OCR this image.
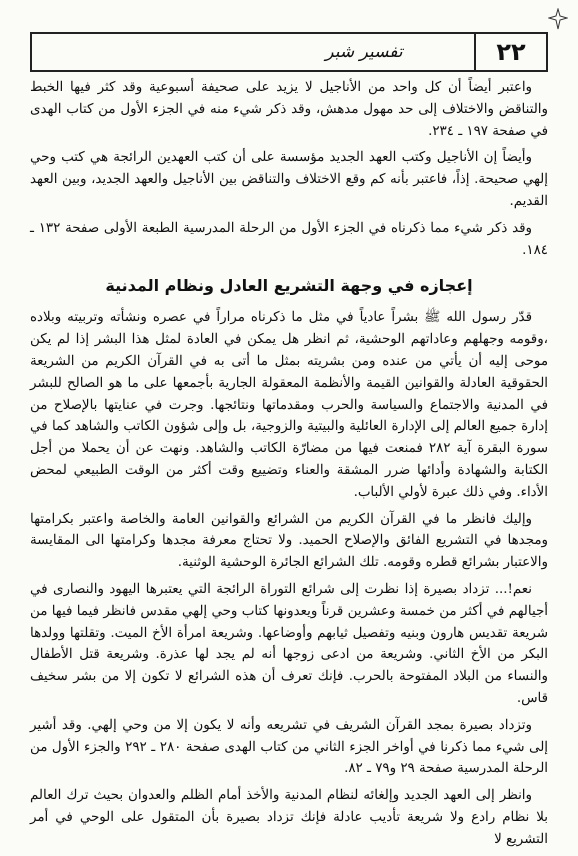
تفسير شبر	٢٢

واعتبر أيضاً أن كل واحد من الأناجيل لا يزيد على صحيفة أسبوعية وقد كثر فيها الخبط والتناقض والاختلاف إلى حد مهول مدهش، وقد ذكر شيء منه في الجزء الأول من كتاب الهدى في صفحة ١٩٧ ـ ٢٣٤.

وأيضاً إن الأناجيل وكتب العهد الجديد مؤسسة على أن كتب العهدين الرائجة هي كتب وحي إلهي صحيحة. إذاً، فاعتبر بأنه كم وقع الاختلاف والتناقض بين الأناجيل والعهد الجديد، وبين العهد القديم.

وقد ذكر شيء مما ذكرناه في الجزء الأول من الرحلة المدرسية الطبعة الأولى صفحة ١٣٢ ـ ١٨٤.

إعجازه في وجهة التشريع العادل ونظام المدنية

قدّر رسول الله ﷺ بشراً عادياً في مثل ما ذكرناه مراراً في عصره ونشأته وتربيته وبلاده ،وقومه وجهلهم وعاداتهم الوحشية، ثم انظر هل يمكن في العادة لمثل هذا البشر إذا لم يكن موحى إليه أن يأتي من عنده ومن بشريته بمثل ما أتى به في القرآن الكريم من الشريعة الحقوقية العادلة والقوانين القيمة والأنظمة المعقولة الجارية بأجمعها على ما هو الصالح للبشر في المدنية والاجتماع والسياسة والحرب ومقدماتها ونتائجها. وجرت في عنايتها بالإصلاح من إدارة جميع العالم إلى الإدارة العائلية والبيتية والزوجية، بل وإلى شؤون الكاتب والشاهد كما في سورة البقرة آية ٢٨٢ فمنعت فيها من مضارّة الكاتب والشاهد. ونهت عن أن يحملا من أجل الكتابة والشهادة وأدائها ضرر المشقة والعناء وتضييع وقت أكثر من الوقت الطبيعي لمحض الأداء. وفي ذلك عبرة لأولي الألباب.

وإليك فانظر ما في القرآن الكريم من الشرائع والقوانين العامة والخاصة واعتبر بكرامتها ومجدها في التشريع الفائق والإصلاح الحميد. ولا تحتاج معرفة مجدها وكرامتها الى المقايسة والاعتبار بشرائع قطره وقومه. تلك الشرائع الجائرة الوحشية الوثنية.

نعم!... تزداد بصيرة إذا نظرت إلى شرائع التوراة الرائجة التي يعتبرها اليهود والنصارى في أجيالهم في أكثر من خمسة وعشرين قرناً ويعدونها كتاب وحي إلهي مقدس فانظر فيما فيها من شريعة تقديس هارون وبنيه وتفصيل ثيابهم وأوضاعها. وشريعة امرأة الأخ الميت. وتقلتها وولدها البكر من الأخ الثاني. وشريعة من ادعى زوجها أنه لم يجد لها عذرة. وشريعة قتل الأطفال والنساء من البلاد المفتوحة بالحرب. فإنك تعرف أن هذه الشرائع لا تكون إلا من بشر سخيف قاس.

وتزداد بصيرة بمجد القرآن الشريف في تشريعه وأنه لا يكون إلا من وحي إلهي. وقد أشير إلى شيء مما ذكرنا في أواخر الجزء الثاني من كتاب الهدى صفحة ٢٨٠ ـ ٢٩٢ والجزء الأول من الرحلة المدرسية صفحة ٢٩ و٧٩ ـ ٨٢.

وانظر إلى العهد الجديد وإلغائه لنظام المدنية والأخذ أمام الظلم والعدوان بحيث ترك العالم بلا نظام رادع ولا شريعة تأديب عادلة فإنك تزداد بصيرة بأن المتقول على الوحي في أمر التشريع لا
